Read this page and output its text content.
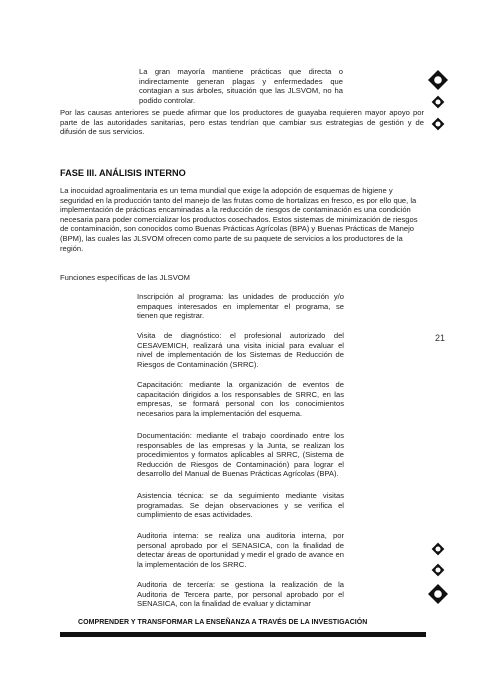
La gran mayoría mantiene prácticas que directa o indirectamente generan plagas y enfermedades que contagian a sus árboles, situación que las JLSVOM, no ha podido controlar.

Por las causas anteriores se puede afirmar que los productores de guayaba requieren mayor apoyo por parte de las autoridades sanitarias, pero estas tendrían que cambiar sus estrategias de gestión y de difusión de sus servicios.

FASE III. ANÁLISIS INTERNO

La inocuidad agroalimentaria es un tema mundial que exige la adopción de esquemas de higiene y seguridad en la producción tanto del manejo de las frutas como de hortalizas en fresco, es por ello que, la implementación de prácticas encaminadas a la reducción de riesgos de contaminación es una condición necesaria para poder comercializar los productos cosechados. Estos sistemas de minimización de riesgos de contaminación, son conocidos como Buenas Prácticas Agrícolas (BPA) y Buenas Prácticas de Manejo (BPM), las cuales las JLSVOM ofrecen como parte de su paquete de servicios a los productores de la región.

Funciones específicas de las JLSVOM

Inscripción al programa: las unidades de producción y/o empaques interesados en implementar el programa, se tienen que registrar.

Visita de diagnóstico: el profesional autorizado del CESAVEMICH, realizará una visita inicial para evaluar el nivel de implementación de los Sistemas de Reducción de Riesgos de Contaminación (SRRC).

Capacitación: mediante la organización de eventos de capacitación dirigidos a los responsables de SRRC, en las empresas, se formará personal con los conocimientos necesarios para la implementación del esquema.

Documentación: mediante el trabajo coordinado entre los responsables de las empresas y la Junta, se realizan los procedimientos y formatos aplicables al SRRC, (Sistema de Reducción de Riesgos de Contaminación) para lograr el desarrollo del Manual de Buenas Prácticas Agrícolas (BPA).

Asistencia técnica: se da seguimiento mediante visitas programadas. Se dejan observaciones y se verifica el cumplimiento de esas actividades.

Auditoria interna: se realiza una auditoria interna, por personal aprobado por el SENASICA, con la finalidad de detectar áreas de oportunidad y medir el grado de avance en la implementación de los SRRC.

Auditoria de tercería: se gestiona la realización de la Auditoria de Tercera parte, por personal aprobado por el SENASICA, con la finalidad de evaluar y dictaminar

21
COMPRENDER Y TRANSFORMAR LA ENSEÑANZA A TRAVÉS DE LA INVESTIGACIÓN
